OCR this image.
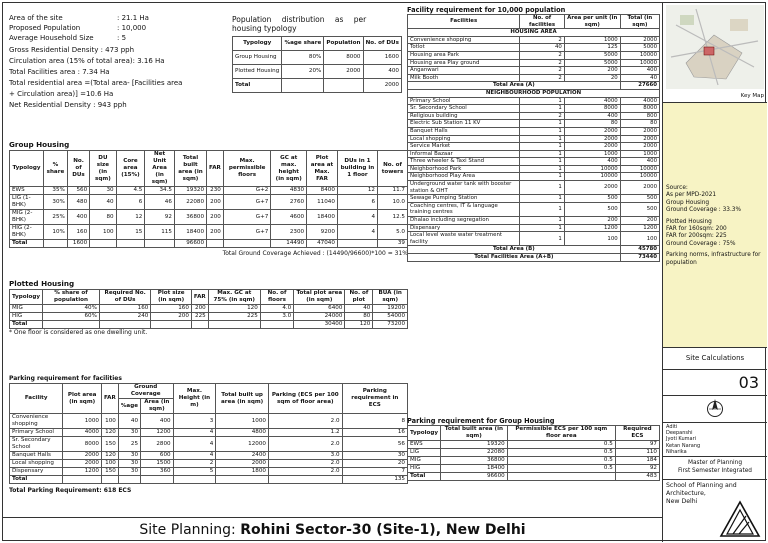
Area of the site	: 21.1 Ha
Proposed Population	: 10,000
Average Household Size	: 5
Gross Residential Density : 473 pph
Circulation area (15% of total area): 3.16 Ha
Total Facilities area : 7.34 Ha
Total residential area =(Total area- [Facilities area
+ Circulation area)] =10.6 Ha
Net Residential Density : 943 pph
Population distribution as per
housing typology
Typology	%age share	Population	No. of DUs
Group Housing	80%	8000	1600
Plotted Housing	20%	2000	400
Total			2000
Group Housing
Typology	% share	No. of DUs	DU size (in sqm)	Core area (15%)	Net Unit Area (in sqm)	Total built area (in sqm)	FAR	Max. permissible floors	GC at max. height (in sqm)	Plot area at Max. FAR	DUs in 1 building in 1 floor	No. of towers
EWS	35%	560	30	4.5	34.5	19320	230	G+2	4830	8400	12	11.7
LIG (1-BHK)	30%	480	40	6	46	22080	200	G+7	2760	11040	6	10.0
MIG (2-BHK)	25%	400	80	12	92	36800	200	G+7	4600	18400	4	12.5
HIG (2-BHK)	10%	160	100	15	115	18400	200	G+7	2300	9200	4	5.0
Total		1600				96600			14490	47040		39
Total Ground Coverage Achieved : (14490/96600)*100 = 31%
Plotted Housing
Typology	% share of population	Required No. of DUs	Plot size (in sqm)	FAR	Max. GC at 75% (in sqm)	No. of floors	Total plot area (in sqm)	No. of plot	BUA (in sqm)
MIG	40%	160	160	200	120	4.0	6400	40	19200
HIG	60%	240	200	225	225	3.0	24000	80	54000
Total							30400	120	73200
* One floor is considered as one dwelling unit.
Parking requirement for facilities
Facility	Plot area (in sqm)	FAR	Ground Coverage		Max. Height (in m)	Total built up area (in sqm)	Parking (ECS per 100 sqm of floor area)	Parking requirement in ECS
			%age	Area (in sqm)				
Convenience shopping	1000	100	40	400	3	1000	2.0	8
Primary School	4000	120	30	1200	4	4800	1.2	16
Sr. Secondary School	8000	150	25	2800	4	12000	2.0	56
Banquet Halls	2000	120	30	600	4	2400	3.0	30
Local shopping	2000	100	30	1500	2	2000	2.0	20
Dispensary	1200	150	30	360	5	1800	2.0	7
Total								135
Total Parking Requirement: 618 ECS
Facility requirement for 10,000 population
Facilities	No. of facilities	Area per unit (in sqm)	Total (in sqm)
HOUSING AREA			
Convenience shopping	2	1000	2000
Totlot	40	125	5000
Housing area Park	2	5000	10000
Housing area Play ground	2	5000	10000
Anganwari	2	200	400
Milk Booth	2	20	40
Total Area (A)			27660
NEIGHBOURHOOD POPULATION			
Primary School	1	4000	4000
Sr. Secondary School	1	8000	8000
Religious building	2	400	800
Electric Sub Station 11 KV	1	80	80
Banquet Halls	1	2000	2000
Local shopping	1	2000	2000
Service Market	1	2000	2000
Informal Bazaar	1	1000	1000
Three wheeler & Taxi Stand	1	400	400
Neighborhood Park	1	10000	10000
Neighborhood Play Area	1	10000	10000
Underground water tank with booster station & OHT	1	2000	2000
Sewage Pumping Station	1	500	500
Coaching centres, IT & language training centres	1	500	500
Dhalao including segregation	1	200	200
Dispensary	1	1200	1200
Local level waste water treatment facility	1	100	100
Total Area (B)			45780
Total Facilities Area (A+B)			73440
Parking requirement for Group Housing
Typology	Total built area (in sqm)	Permissible ECS per 100 sqm floor area	Required ECS
EWS	19320	0.5	97
LIG	22080	0.5	110
MIG	36800	0.5	184
HIG	18400	0.5	92
Total	96600		483
Key Map
Source:
As per MPD-2021
Group Housing
Ground Coverage : 33.3%
Plotted Housing
FAR for 160sqm: 200
FAR for 200sqm: 225
Ground Coverage : 75%
Parking norms, infrastructure for
population
Site Calculations
03
Aditi
Deepanshi
Jyoti Kumari
Ketan Narang
Niharika
Master of Planning
First Semester Integrated
School of Planning and
Architecture,
New Delhi
Site Planning: Rohini Sector-30 (Site-1), New Delhi
